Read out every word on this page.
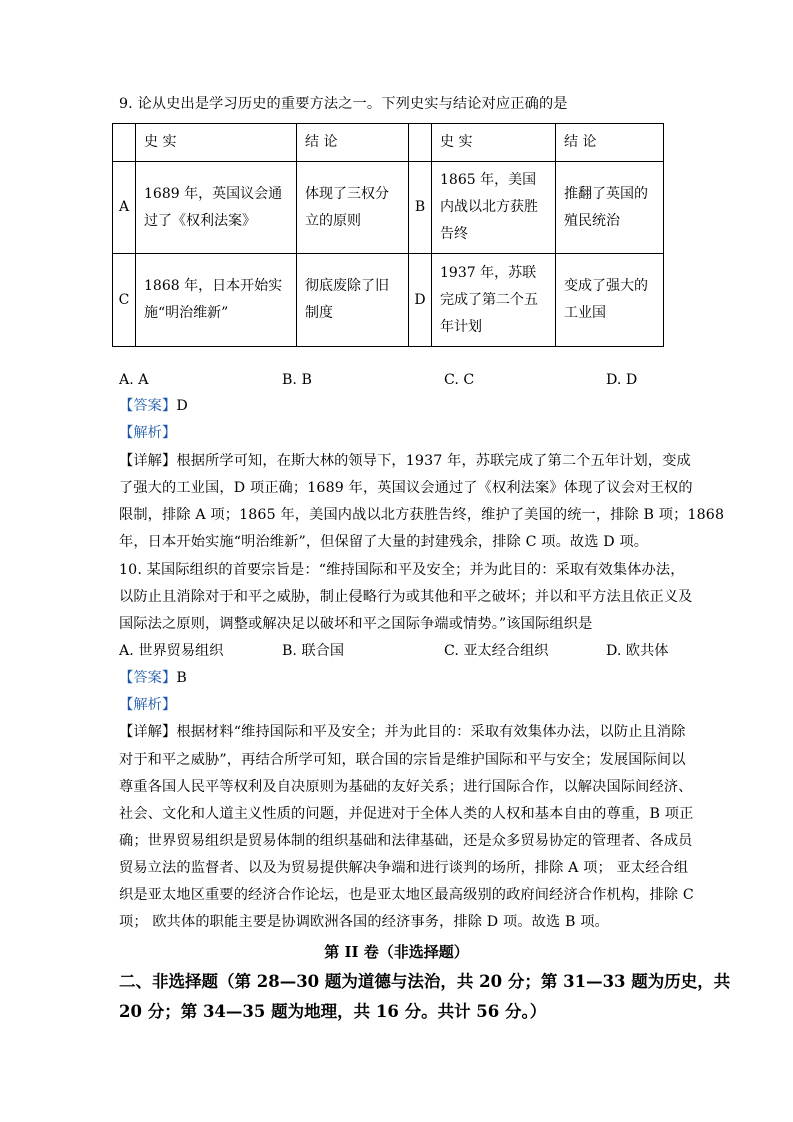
9. 论从史出是学习历史的重要方法之一。下列史实与结论对应正确的是
	史 实	结 论		史 实	结 论
A	1689 年，英国议会通过了《权利法案》	体现了三权分立的原则	B	1865 年，美国内战以北方获胜告终	推翻了英国的殖民统治
C	1868 年，日本开始实施“明治维新”	彻底废除了旧制度	D	1937 年，苏联完成了第二个五年计划	变成了强大的工业国
A. A	B. B	C. C	D. D
【答案】D
【解析】
【详解】根据所学可知，在斯大林的领导下，1937 年，苏联完成了第二个五年计划，变成
了强大的工业国，D 项正确；1689 年，英国议会通过了《权利法案》体现了议会对王权的
限制，排除 A 项；1865 年，美国内战以北方获胜告终，维护了美国的统一，排除 B 项；1868
年，日本开始实施“明治维新”，但保留了大量的封建残余，排除 C 项。故选 D 项。
10. 某国际组织的首要宗旨是：“维持国际和平及安全；并为此目的：采取有效集体办法，
以防止且消除对于和平之威胁，制止侵略行为或其他和平之破坏；并以和平方法且依正义及
国际法之原则，调整或解决足以破坏和平之国际争端或情势。”该国际组织是
A. 世界贸易组织	B. 联合国	C. 亚太经合组织	D. 欧共体
【答案】B
【解析】
【详解】根据材料“维持国际和平及安全；并为此目的：采取有效集体办法，以防止且消除
对于和平之威胁”，再结合所学可知，联合国的宗旨是维护国际和平与安全；发展国际间以
尊重各国人民平等权利及自决原则为基础的友好关系；进行国际合作，以解决国际间经济、
社会、文化和人道主义性质的问题，并促进对于全体人类的人权和基本自由的尊重，B 项正
确；世界贸易组织是贸易体制的组织基础和法律基础，还是众多贸易协定的管理者、各成员
贸易立法的监督者、以及为贸易提供解决争端和进行谈判的场所，排除 A 项； 亚太经合组
织是亚太地区重要的经济合作论坛，也是亚太地区最高级别的政府间经济合作机构，排除 C
项； 欧共体的职能主要是协调欧洲各国的经济事务，排除 D 项。故选 B 项。
第 II 卷（非选择题）
二、非选择题（第 28—30 题为道德与法治，共 20 分；第 31—33 题为历史，共
20 分；第 34—35 题为地理，共 16 分。共计 56 分。）
